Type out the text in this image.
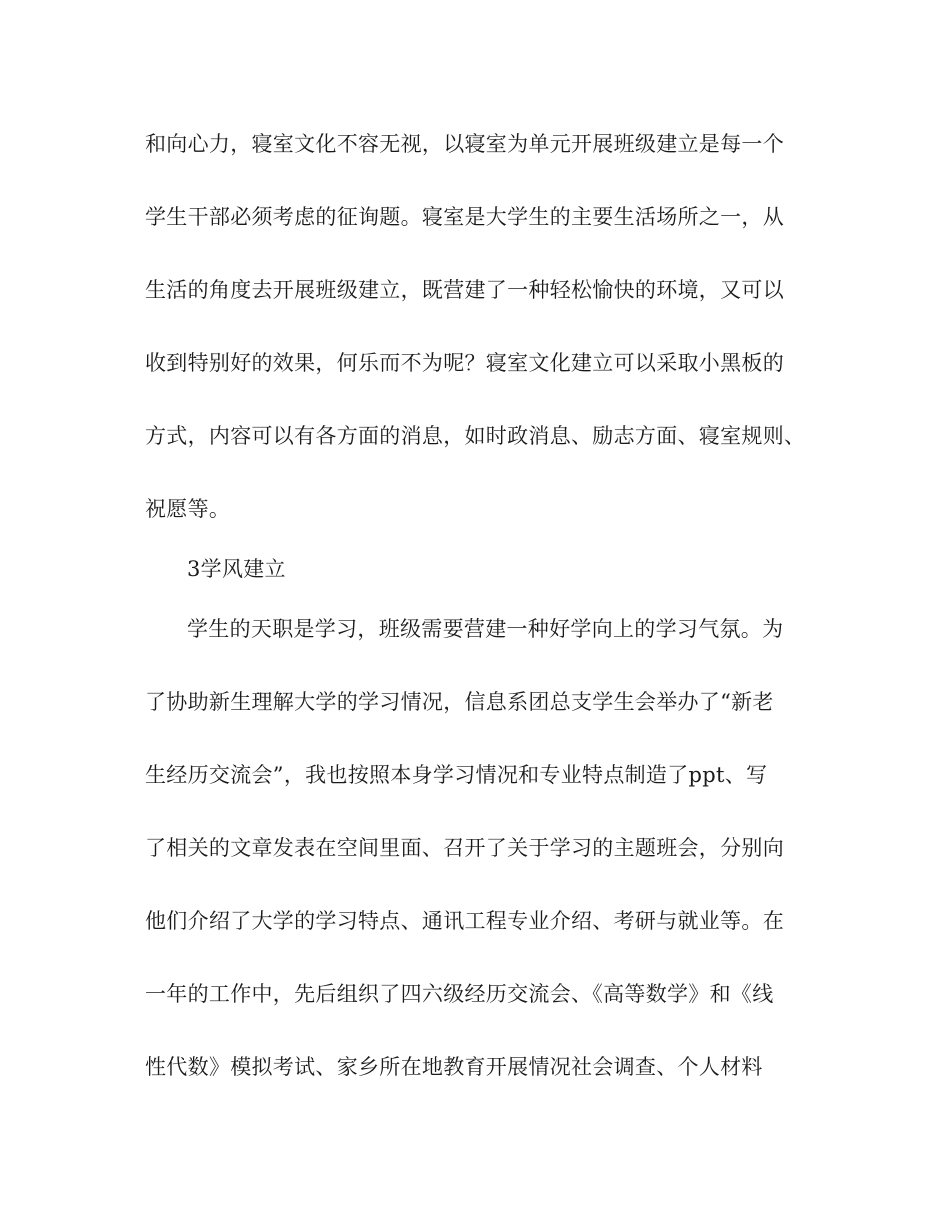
和向心力，寝室文化不容无视，以寝室为单元开展班级建立是每一个
学生干部必须考虑的征询题。寝室是大学生的主要生活场所之一，从
生活的角度去开展班级建立，既营建了一种轻松愉快的环境，又可以
收到特别好的效果，何乐而不为呢？寝室文化建立可以采取小黑板的
方式，内容可以有各方面的消息，如时政消息、励志方面、寝室规则、
祝愿等。
3学风建立
学生的天职是学习，班级需要营建一种好学向上的学习气氛。为
了协助新生理解大学的学习情况，信息系团总支学生会举办了“新老
生经历交流会”，我也按照本身学习情况和专业特点制造了ppt、写
了相关的文章发表在空间里面、召开了关于学习的主题班会，分别向
他们介绍了大学的学习特点、通讯工程专业介绍、考研与就业等。在
一年的工作中，先后组织了四六级经历交流会、《高等数学》和《线
性代数》模拟考试、家乡所在地教育开展情况社会调查、个人材料
